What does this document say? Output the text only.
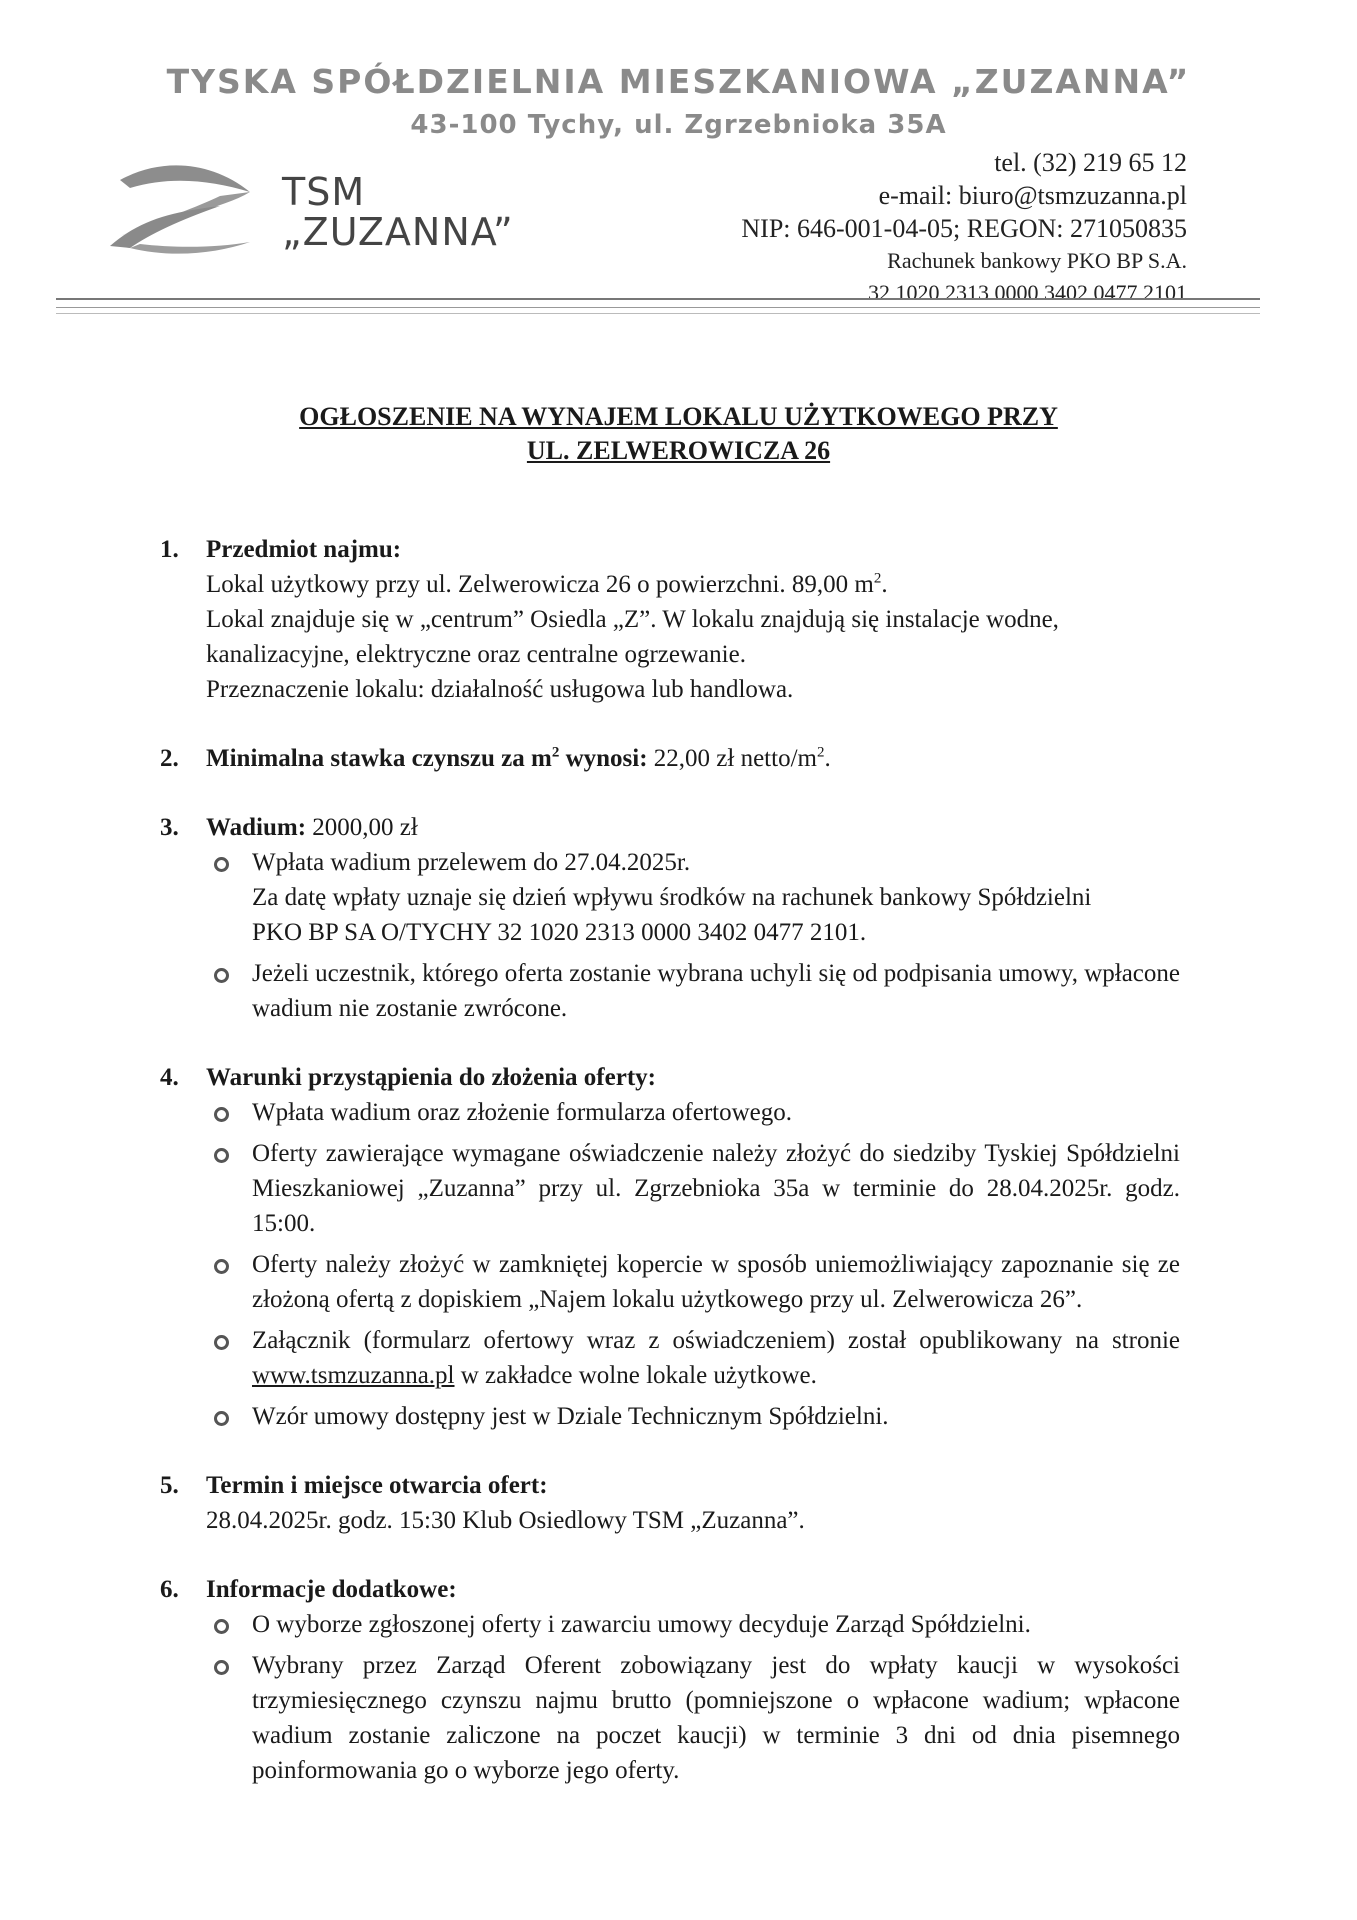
TYSKA SPÓŁDZIELNIA MIESZKANIOWA „ZUZANNA”
43-100 Tychy, ul. Zgrzebnioka 35A
TSM
„ZUZANNA”
tel. (32) 219 65 12
e-mail: biuro@tsmzuzanna.pl
NIP: 646-001-04-05; REGON: 271050835
Rachunek bankowy PKO BP S.A.
32 1020 2313 0000 3402 0477 2101
OGŁOSZENIE NA WYNAJEM LOKALU UŻYTKOWEGO PRZY
UL. ZELWEROWICZA 26
1. Przedmiot najmu:
Lokal użytkowy przy ul. Zelwerowicza 26 o powierzchni. 89,00 $m^2$.
Lokal znajduje się w „centrum” Osiedla „Z”. W lokalu znajdują się instalacje wodne, kanalizacyjne, elektryczne oraz centralne ogrzewanie.
Przeznaczenie lokalu: działalność usługowa lub handlowa.
2. Minimalna stawka czynszu za $m^2$ wynosi: 22,00 zł netto/$m^2$.
3. Wadium: 2000,00 zł
Wpłata wadium przelewem do 27.04.2025r.
Za datę wpłaty uznaje się dzień wpływu środków na rachunek bankowy Spółdzielni
PKO BP SA O/TYCHY 32 1020 2313 0000 3402 0477 2101.
Jeżeli uczestnik, którego oferta zostanie wybrana uchyli się od podpisania umowy, wpłacone wadium nie zostanie zwrócone.
4. Warunki przystąpienia do złożenia oferty:
Wpłata wadium oraz złożenie formularza ofertowego.
Oferty zawierające wymagane oświadczenie należy złożyć do siedziby Tyskiej Spółdzielni Mieszkaniowej „Zuzanna” przy ul. Zgrzebnioka 35a w terminie do 28.04.2025r. godz. 15:00.
Oferty należy złożyć w zamkniętej kopercie w sposób uniemożliwiający zapoznanie się ze złożoną ofertą z dopiskiem „Najem lokalu użytkowego przy ul. Zelwerowicza 26”.
Załącznik (formularz ofertowy wraz z oświadczeniem) został opublikowany na stronie www.tsmzuzanna.pl w zakładce wolne lokale użytkowe.
Wzór umowy dostępny jest w Dziale Technicznym Spółdzielni.
5. Termin i miejsce otwarcia ofert:
28.04.2025r. godz. 15:30 Klub Osiedlowy TSM „Zuzanna”.
6. Informacje dodatkowe:
O wyborze zgłoszonej oferty i zawarciu umowy decyduje Zarząd Spółdzielni.
Wybrany przez Zarząd Oferent zobowiązany jest do wpłaty kaucji w wysokości trzymiesięcznego czynszu najmu brutto (pomniejszone o wpłacone wadium; wpłacone wadium zostanie zaliczone na poczet kaucji) w terminie 3 dni od dnia pisemnego poinformowania go o wyborze jego oferty.
